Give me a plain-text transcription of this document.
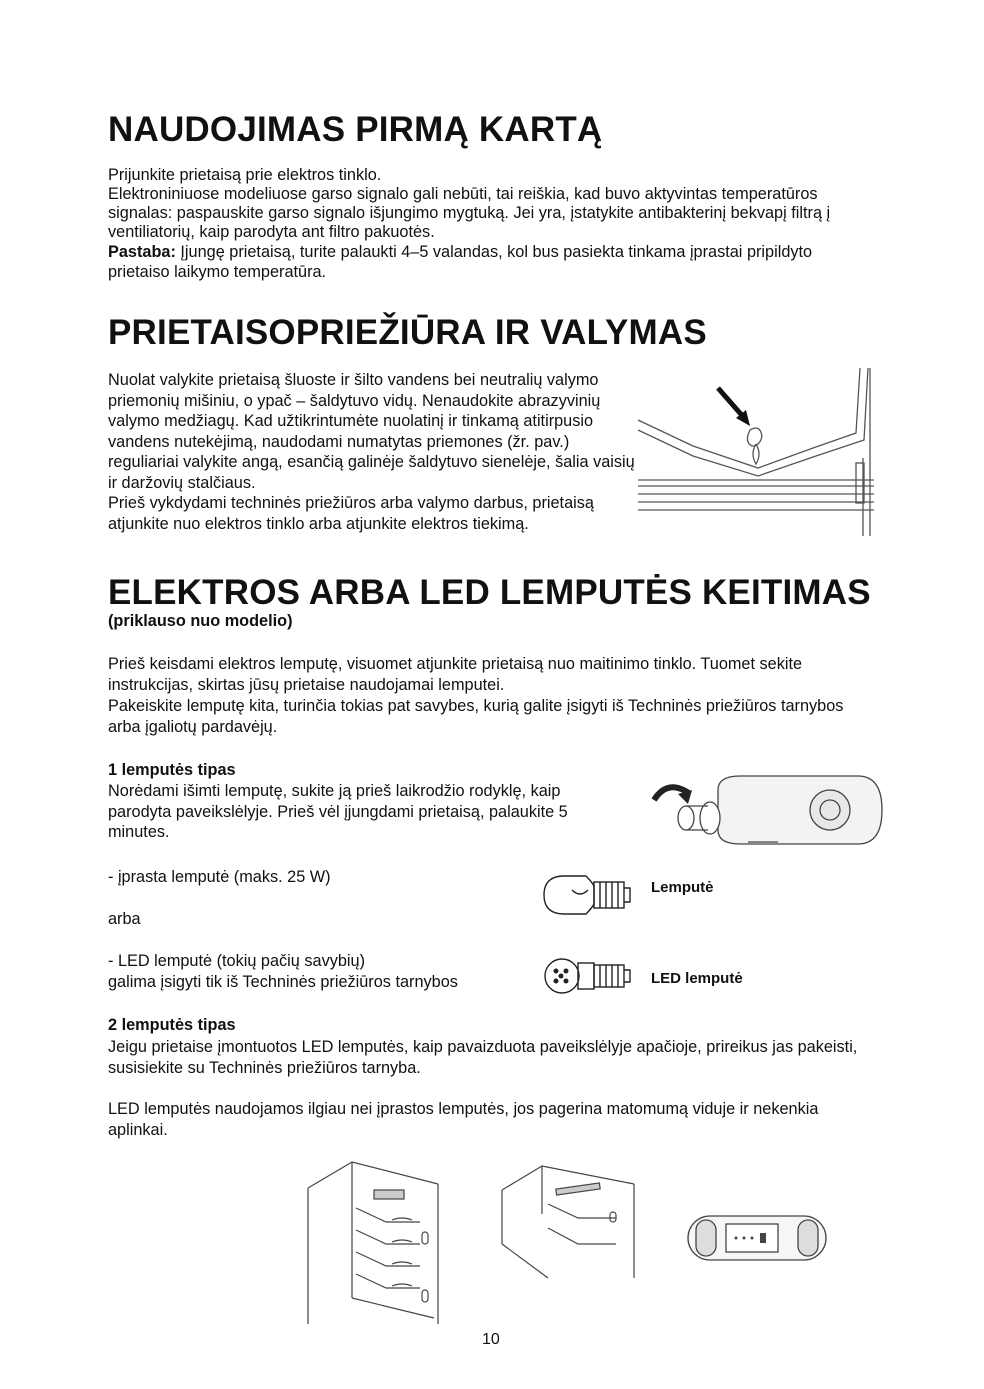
NAUDOJIMAS PIRMĄ KARTĄ
Prijunkite prietaisą prie elektros tinklo.
Elektroniniuose modeliuose garso signalo gali nebūti, tai reiškia, kad buvo aktyvintas temperatūros signalas: paspauskite garso signalo išjungimo mygtuką. Jei yra, įstatykite antibakterinį bekvapį filtrą į ventiliatorių, kaip parodyta ant filtro pakuotės.
Pastaba: Įjungę prietaisą, turite palaukti 4–5 valandas, kol bus pasiekta tinkama įprastai pripildyto prietaiso laikymo temperatūra.
PRIETAISOPRIEŽIŪRA IR VALYMAS
Nuolat valykite prietaisą šluoste ir šilto vandens bei neutralių valymo priemonių mišiniu, o ypač – šaldytuvo vidų. Nenaudokite abrazyvinių valymo medžiagų. Kad užtikrintumėte nuolatinį ir tinkamą atitirpusio vandens nutekėjimą, naudodami numatytas priemones (žr. pav.) reguliariai valykite angą, esančią galinėje šaldytuvo sienelėje, šalia vaisių ir daržovių stalčiaus.
Prieš vykdydami techninės priežiūros arba valymo darbus, prietaisą atjunkite nuo elektros tinklo arba atjunkite elektros tiekimą.
ELEKTROS ARBA LED LEMPUTĖS KEITIMAS
(priklauso nuo modelio)
Prieš keisdami elektros lemputę, visuomet atjunkite prietaisą nuo maitinimo tinklo. Tuomet sekite instrukcijas, skirtas jūsų prietaise naudojamai lemputei.
Pakeiskite lemputę kita, turinčia tokias pat savybes, kurią galite įsigyti iš Techninės priežiūros tarnybos arba įgaliotų pardavėjų.
1 lemputės tipas
Norėdami išimti lemputę, sukite ją prieš laikrodžio rodyklę, kaip parodyta paveikslėlyje. Prieš vėl įjungdami prietaisą, palaukite 5 minutes.
- įprasta lemputė (maks. 25 W)
arba
- LED lemputė (tokių pačių savybių)
galima įsigyti tik iš Techninės priežiūros tarnybos
Lemputė
LED lemputė
2 lemputės tipas
Jeigu prietaise įmontuotos LED lemputės, kaip pavaizduota paveikslėlyje apačioje, prireikus jas pakeisti, susisiekite su Techninės priežiūros tarnyba.
LED lemputės naudojamos ilgiau nei įprastos lemputės, jos pagerina matomumą viduje ir nekenkia aplinkai.
10
